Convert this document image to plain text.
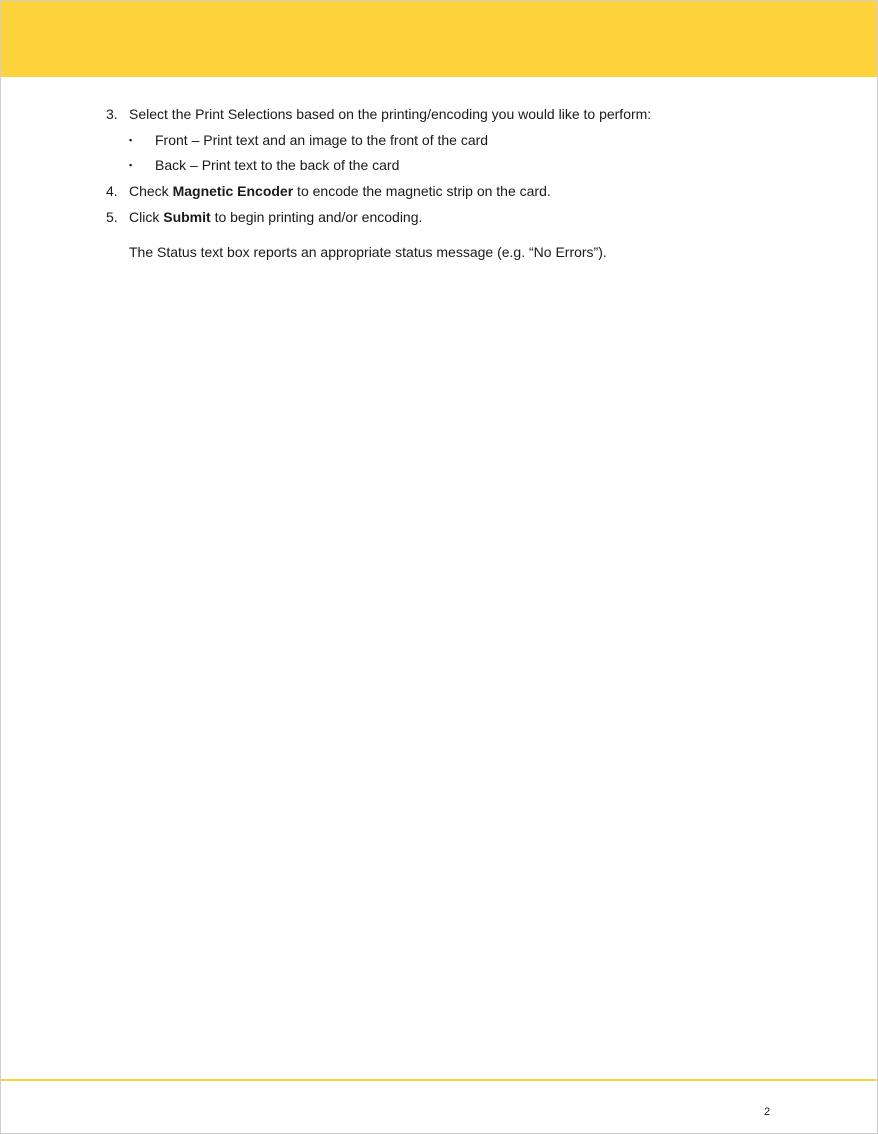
3. Select the Print Selections based on the printing/encoding you would like to perform:
▪ Front – Print text and an image to the front of the card
▪ Back – Print text to the back of the card
4. Check Magnetic Encoder to encode the magnetic strip on the card.
5. Click Submit to begin printing and/or encoding.
The Status text box reports an appropriate status message (e.g. “No Errors”).
2
